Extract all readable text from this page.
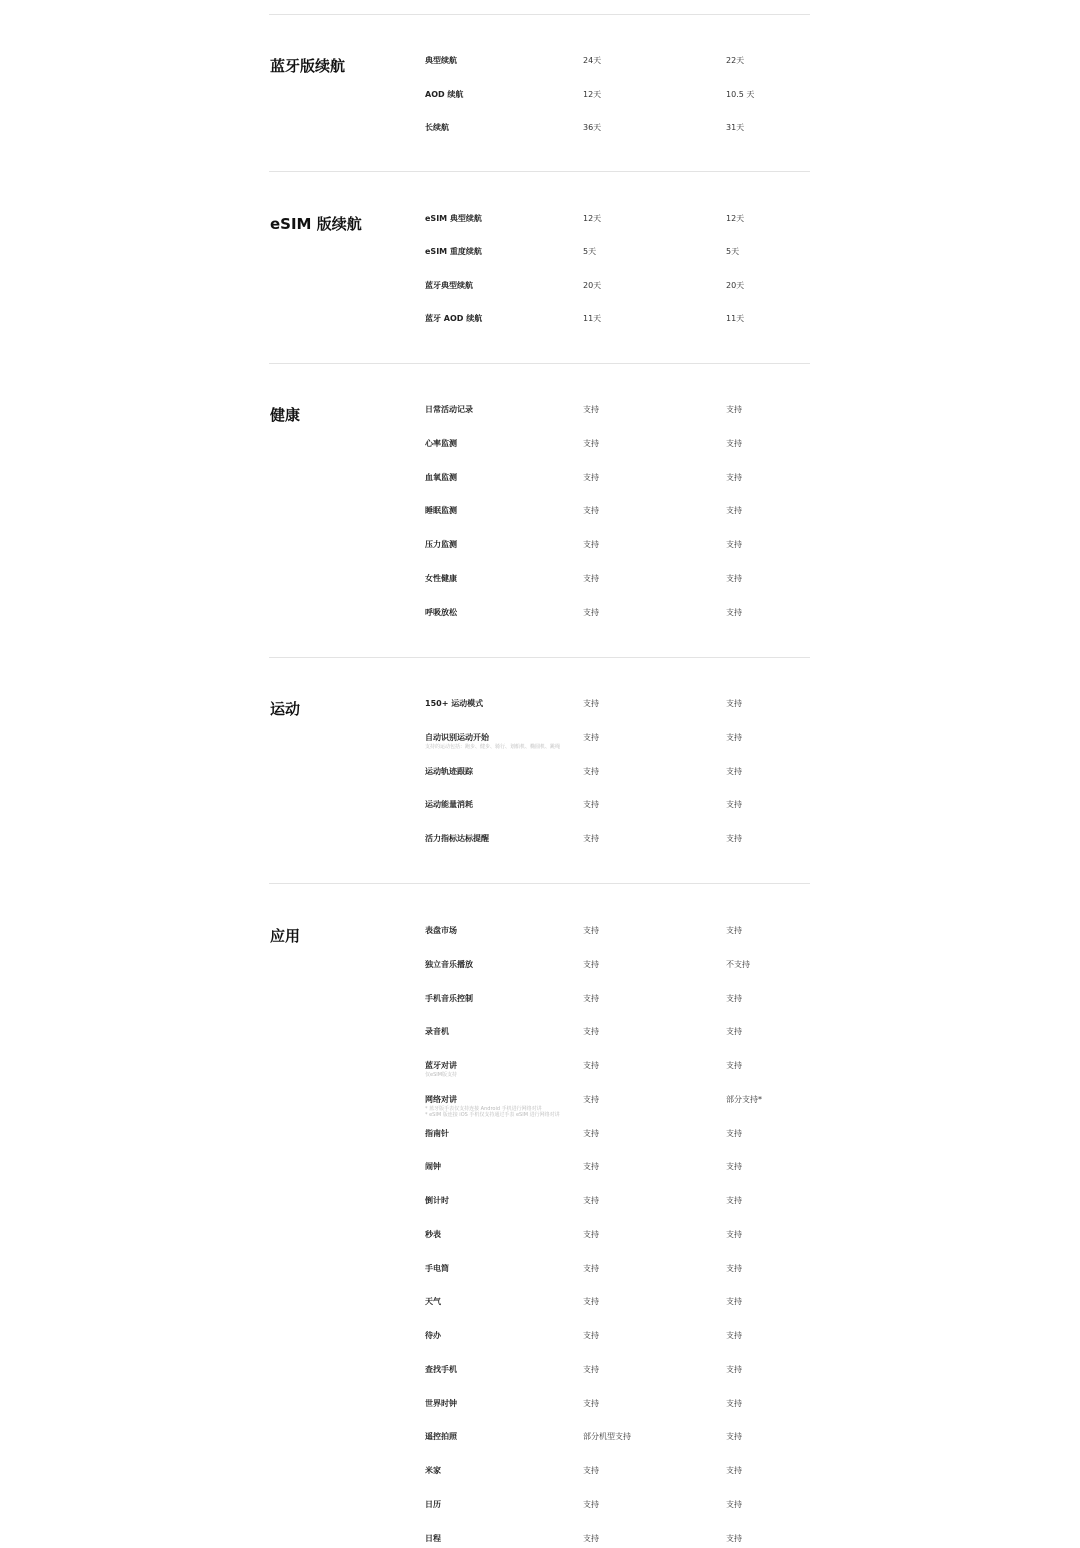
蓝牙版续航	典型续航	24天	22天
AOD 续航	12天	10.5 天
长续航	36天	31天
eSIM 版续航	eSIM 典型续航	12天	12天
eSIM 重度续航	5天	5天
蓝牙典型续航	20天	20天
蓝牙 AOD 续航	11天	11天
健康	日常活动记录	支持	支持
心率监测	支持	支持
血氧监测	支持	支持
睡眠监测	支持	支持
压力监测	支持	支持
女性健康	支持	支持
呼吸放松	支持	支持
运动	150+ 运动模式	支持	支持
自动识别运动开始	支持	支持
支持的运动包括：跑步、健步、骑行、划船机、椭圆机、跳绳
运动轨迹跟踪	支持	支持
运动能量消耗	支持	支持
活力指标达标提醒	支持	支持
应用	表盘市场	支持	支持
独立音乐播放	支持	不支持
手机音乐控制	支持	支持
录音机	支持	支持
蓝牙对讲	支持	支持
仅eSIM版支持
网络对讲	支持	部分支持*
* 蓝牙版手表仅支持连接 Android 手机进行网络对讲
* eSIM 版连接 iOS 手机仅支持通过手表 eSIM 进行网络对讲
指南针	支持	支持
闹钟	支持	支持
倒计时	支持	支持
秒表	支持	支持
手电筒	支持	支持
天气	支持	支持
待办	支持	支持
查找手机	支持	支持
世界时钟	支持	支持
遥控拍照	部分机型支持	支持
米家	支持	支持
日历	支持	支持
日程	支持	支持
